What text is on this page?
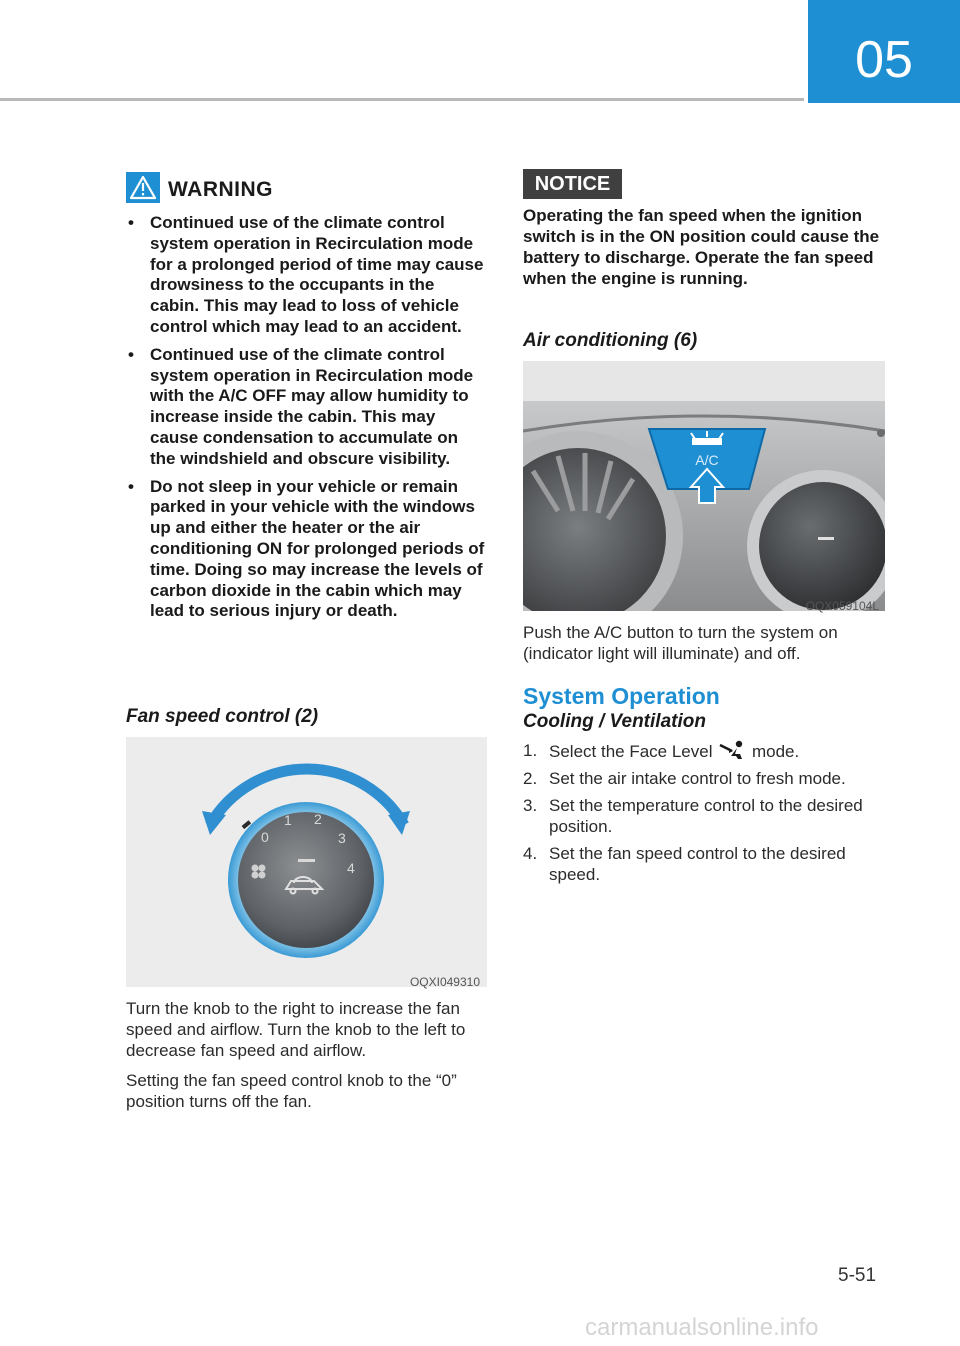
05
WARNING
• Continued use of the climate control system operation in Recirculation mode for a prolonged period of time may cause drowsiness to the occupants in the cabin. This may lead to loss of vehicle control which may lead to an accident.
• Continued use of the climate control system operation in Recirculation mode with the A/C OFF may allow humidity to increase inside the cabin. This may cause condensation to accumulate on the windshield and obscure visibility.
• Do not sleep in your vehicle or remain parked in your vehicle with the windows up and either the heater or the air conditioning ON for prolonged periods of time. Doing so may increase the levels of carbon dioxide in the cabin which may lead to serious injury or death.
Fan speed control (2)
0
1 2
3
4
OQXI049310

Turn the knob to the right to increase the fan speed and airflow. Turn the knob to the left to decrease fan speed and airflow.

Setting the fan speed control knob to the “0” position turns off the fan.

NOTICE
Operating the fan speed when the ignition switch is in the ON position could cause the battery to discharge. Operate the fan speed when the engine is running.
Air conditioning (6)
A/C
OQX059104L
Push the A/C button to turn the system on (indicator light will illuminate) and off.
System Operation
Cooling / Ventilation
1. Select the Face Level mode.
2. Set the air intake control to fresh mode.
3. Set the temperature control to the desired position.
4. Set the fan speed control to the desired speed.
5-51
carmanualsonline.info
